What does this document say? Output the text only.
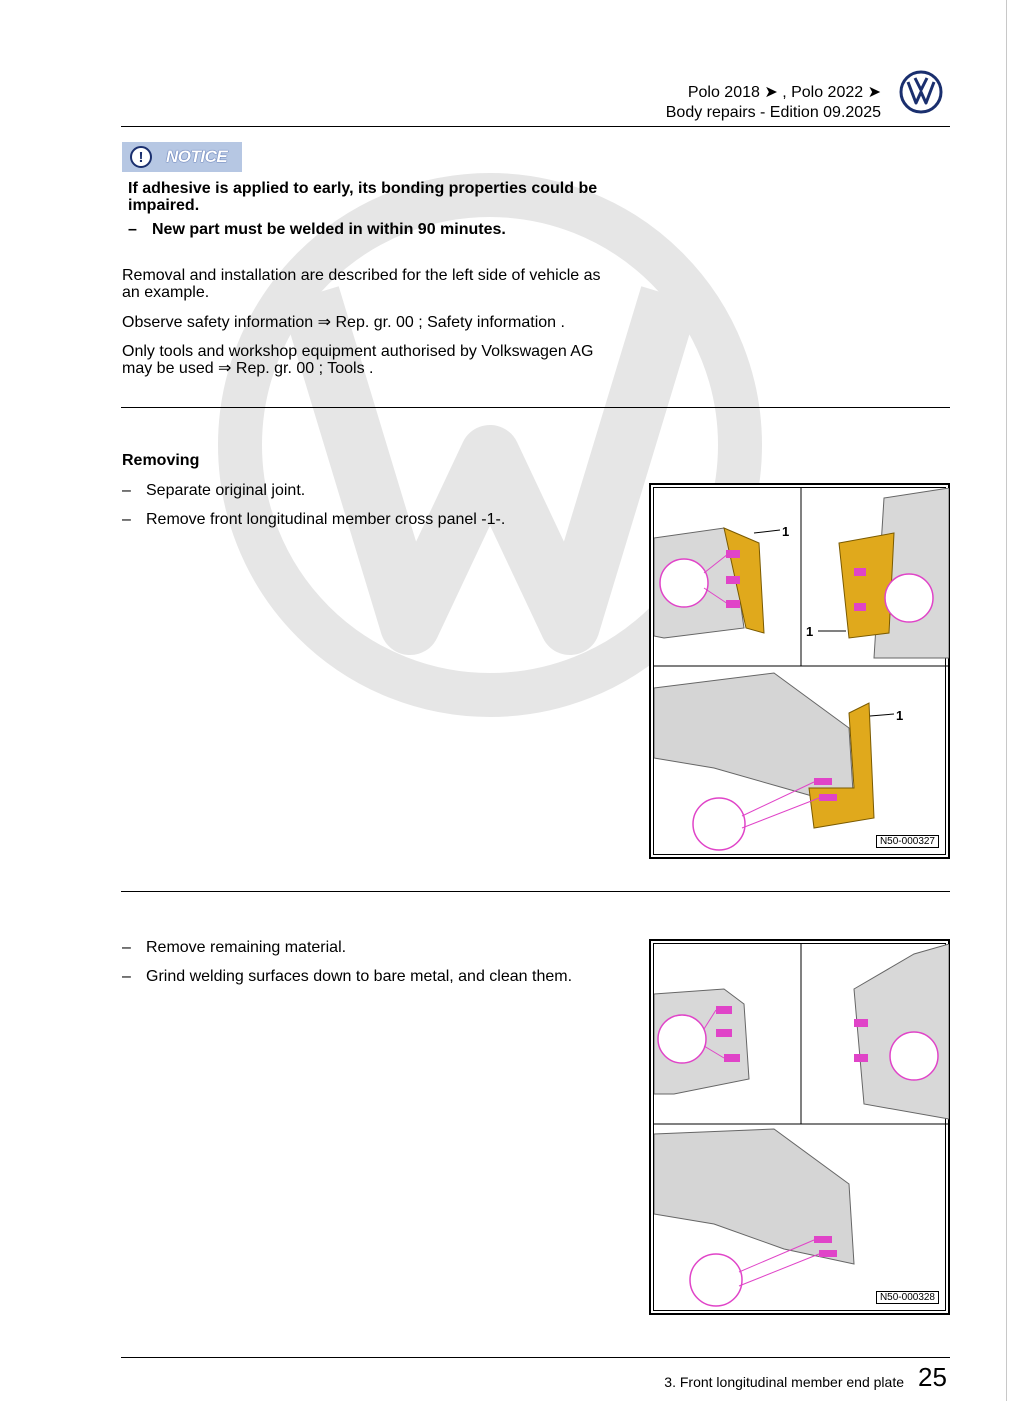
Polo 2018 ➤ , Polo 2022 ➤
Body repairs - Edition 09.2025
!	NOTICE
If adhesive is applied to early, its bonding properties could be impaired.
– New part must be welded in within 90 minutes.
Removal and installation are described for the left side of vehicle as an example.
Observe safety information ⇒ Rep. gr. 00 ; Safety information .
Only tools and workshop equipment authorised by Volkswagen AG may be used ⇒ Rep. gr. 00 ; Tools .
Removing
– Separate original joint.
– Remove front longitudinal member cross panel -1-.
1
1
1
N50-000327
– Remove remaining material.
– Grind welding surfaces down to bare metal, and clean them.
N50-000328
3. Front longitudinal member end plate 25
